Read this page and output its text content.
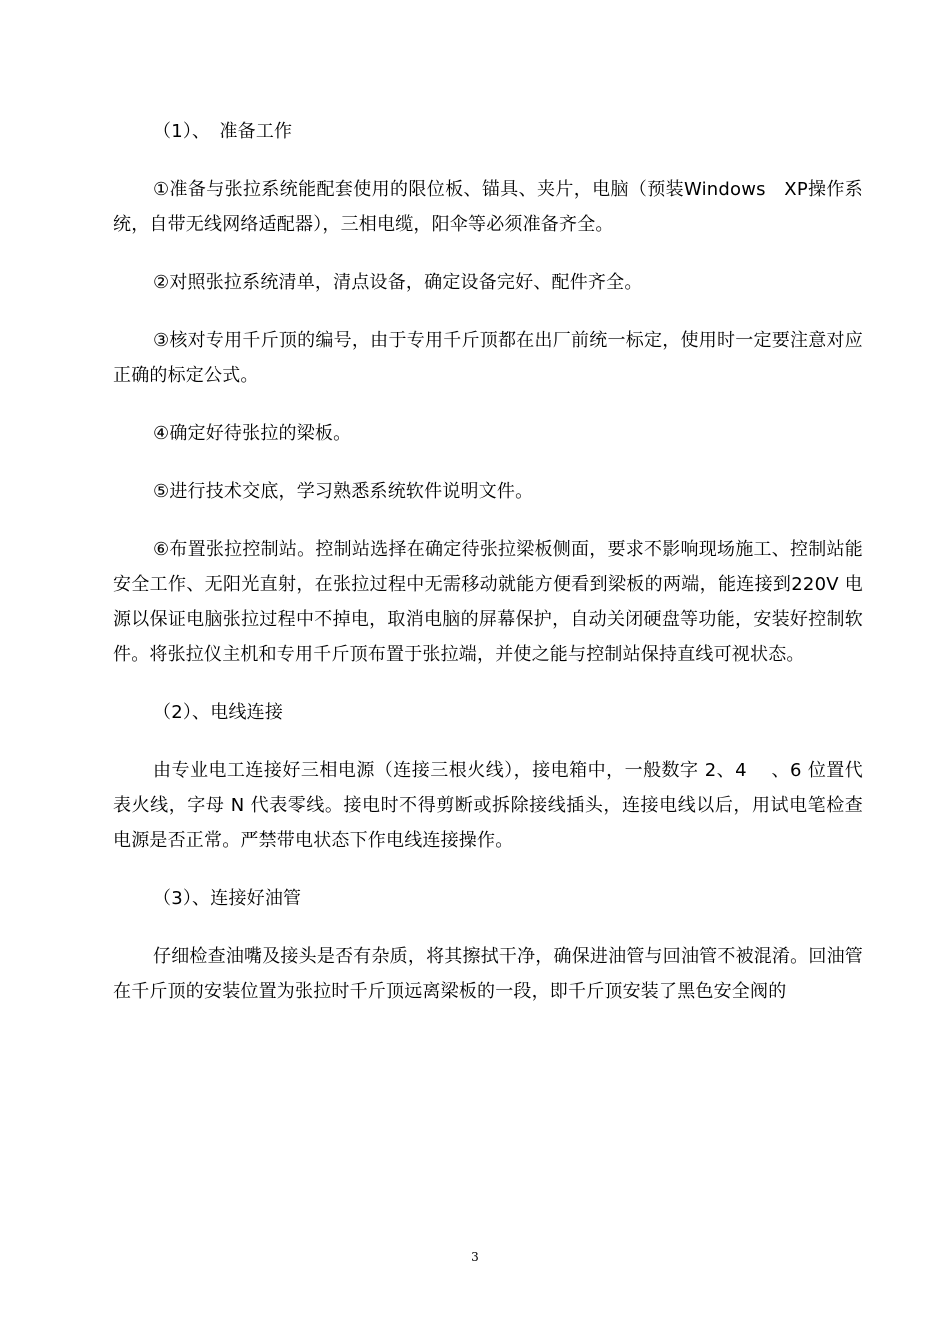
（1）、　准备工作

①准备与张拉系统能配套使用的限位板、锚具、夹片，电脑（预装Windows　XP操作系统，自带无线网络适配器），三相电缆，阳伞等必须准备齐全。

②对照张拉系统清单，清点设备，确定设备完好、配件齐全。

③核对专用千斤顶的编号，由于专用千斤顶都在出厂前统一标定，使用时一定要注意对应正确的标定公式。

④确定好待张拉的梁板。

⑤进行技术交底，学习熟悉系统软件说明文件。

⑥布置张拉控制站。控制站选择在确定待张拉梁板侧面，要求不影响现场施工、控制站能安全工作、无阳光直射，在张拉过程中无需移动就能方便看到梁板的两端，能连接到220V 电源以保证电脑张拉过程中不掉电，取消电脑的屏幕保护，自动关闭硬盘等功能，安装好控制软件。将张拉仪主机和专用千斤顶布置于张拉端，并使之能与控制站保持直线可视状态。

（2）、电线连接

由专业电工连接好三相电源（连接三根火线），接电箱中，一般数字 2、4 　、6 位置代表火线，字母 N 代表零线。接电时不得剪断或拆除接线插头，连接电线以后，用试电笔检查电源是否正常。严禁带电状态下作电线连接操作。

（3）、连接好油管

仔细检查油嘴及接头是否有杂质，将其擦拭干净，确保进油管与回油管不被混淆。回油管在千斤顶的安装位置为张拉时千斤顶远离梁板的一段，即千斤顶安装了黑色安全阀的

3
